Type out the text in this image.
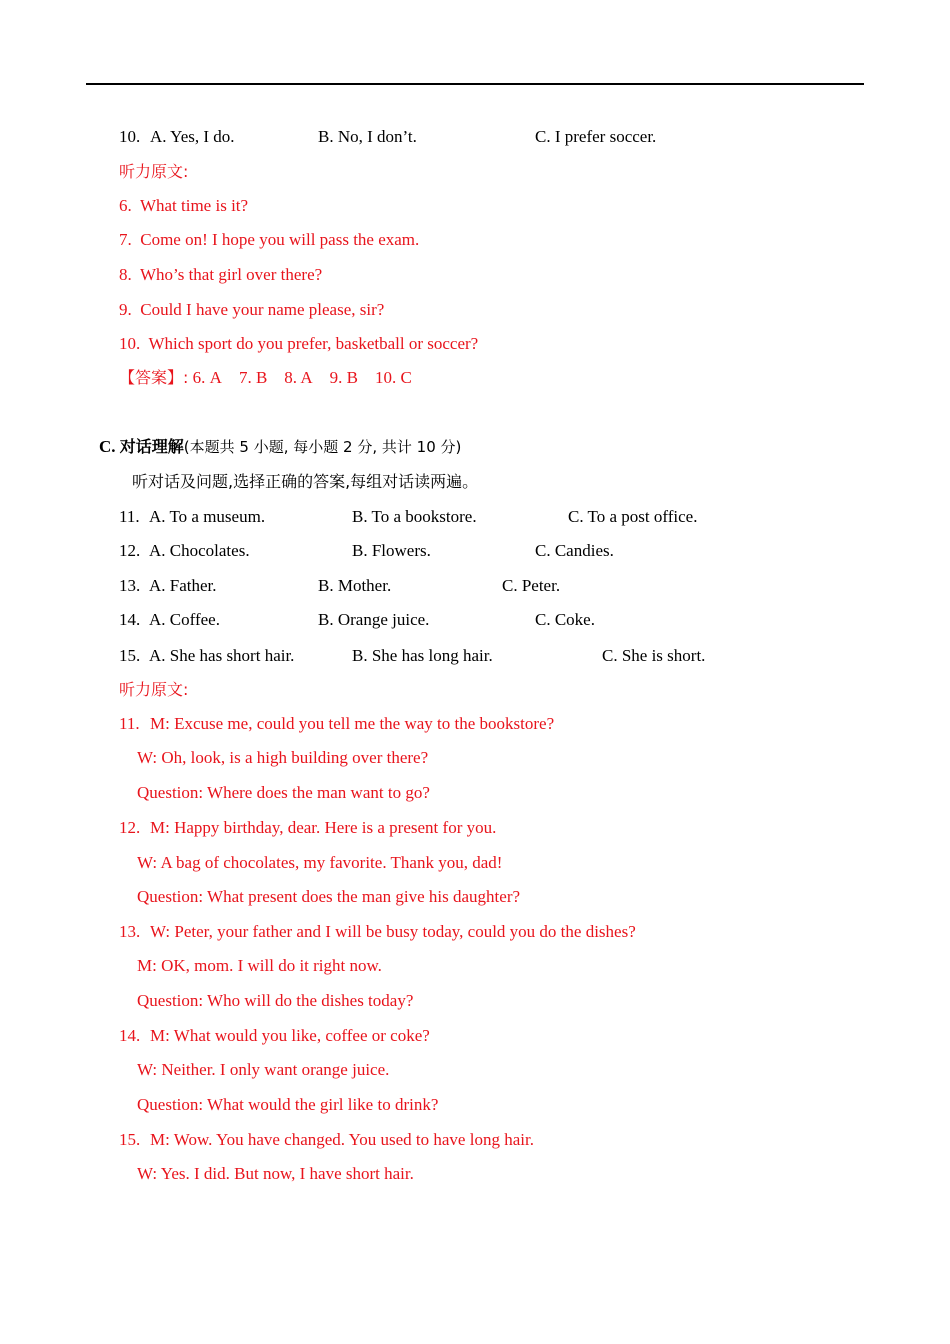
10. A. Yes, I do.	B. No, I don’t.	C. I prefer soccer.
听力原文:
6. What time is it?
7. Come on! I hope you will pass the exam.
8. Who’s that girl over there?
9. Could I have your name please, sir?
10. Which sport do you prefer, basketball or soccer?
【答案】: 6. A 7. B 8. A 9. B 10. C
C. 对话理解(本题共 5 小题, 每小题 2 分, 共计 10 分)
听对话及问题,选择正确的答案,每组对话读两遍。
11. A. To a museum.	B. To a bookstore.	C. To a post office.
12. A. Chocolates.	B. Flowers.	C. Candies.
13. A. Father.	B. Mother.	C. Peter.
14. A. Coffee.	B. Orange juice.	C. Coke.
15. A. She has short hair.	B. She has long hair.	C. She is short.
听力原文:
11. M: Excuse me, could you tell me the way to the bookstore?
W: Oh, look, is a high building over there?
Question: Where does the man want to go?
12. M: Happy birthday, dear. Here is a present for you.
W: A bag of chocolates, my favorite. Thank you, dad!
Question: What present does the man give his daughter?
13. W: Peter, your father and I will be busy today, could you do the dishes?
M: OK, mom. I will do it right now.
Question: Who will do the dishes today?
14. M: What would you like, coffee or coke?
W: Neither. I only want orange juice.
Question: What would the girl like to drink?
15. M: Wow. You have changed. You used to have long hair.
W: Yes. I did. But now, I have short hair.
